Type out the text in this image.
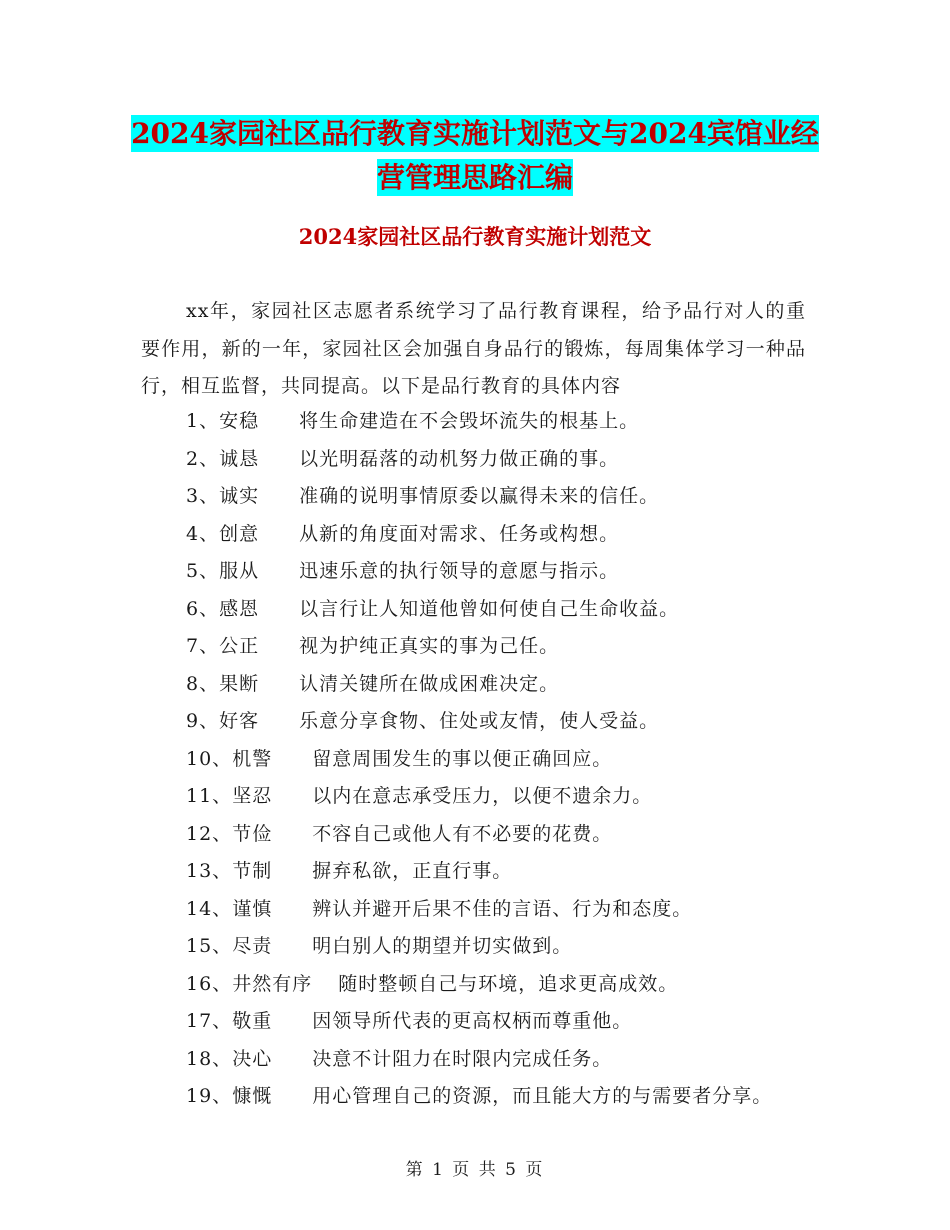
2024家园社区品行教育实施计划范文与2024宾馆业经
营管理思路汇编
2024家园社区品行教育实施计划范文

xx年，家园社区志愿者系统学习了品行教育课程，给予品行对人的重要作用，新的一年，家园社区会加强自身品行的锻炼，每周集体学习一种品行，相互监督，共同提高。以下是品行教育的具体内容

1、安稳 将生命建造在不会毁坏流失的根基上。
2、诚恳 以光明磊落的动机努力做正确的事。
3、诚实 准确的说明事情原委以赢得未来的信任。
4、创意 从新的角度面对需求、任务或构想。
5、服从 迅速乐意的执行领导的意愿与指示。
6、感恩 以言行让人知道他曾如何使自己生命收益。
7、公正 视为护纯正真实的事为己任。
8、果断 认清关键所在做成困难决定。
9、好客 乐意分享食物、住处或友情，使人受益。
10、机警 留意周围发生的事以便正确回应。
11、坚忍 以内在意志承受压力，以便不遗余力。
12、节俭 不容自己或他人有不必要的花费。
13、节制 摒弃私欲，正直行事。
14、谨慎 辨认并避开后果不佳的言语、行为和态度。
15、尽责 明白别人的期望并切实做到。
16、井然有序 随时整顿自己与环境，追求更高成效。
17、敬重 因领导所代表的更高权柄而尊重他。
18、决心 决意不计阻力在时限内完成任务。
19、慷慨 用心管理自己的资源，而且能大方的与需要者分享。
第 1 页 共 5 页
